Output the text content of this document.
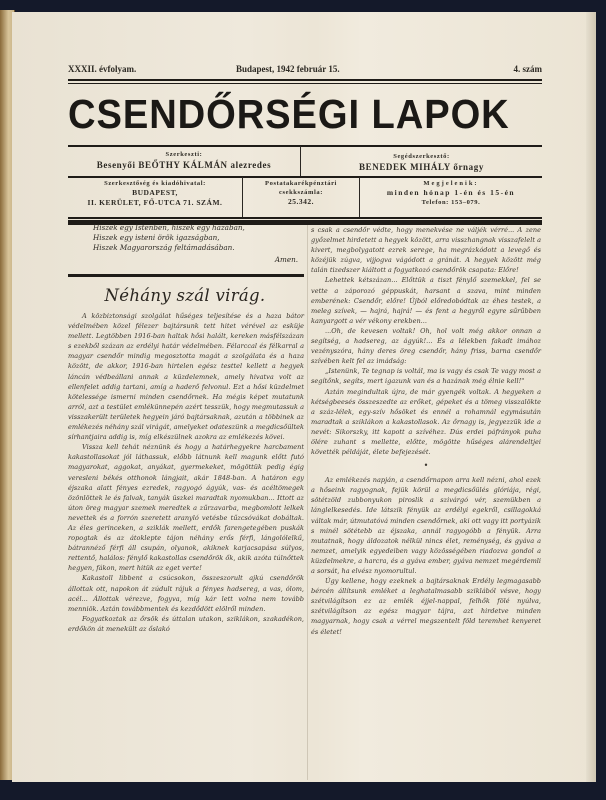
XXXII. évfolyam.	Budapest, 1942 február 15.	4. szám
CSENDŐRSÉGI LAPOK
Szerkeszti:
Besenyői BEŐTHY KÁLMÁN alezredes
Segédszerkesztő:
BENEDEK MIHÁLY őrnagy
Szerkesztőség és kiadóhivatal:
BUDAPEST,
II. KERÜLET, FŐ-UTCA 71. SZÁM.
Postatakarékpénztári
csekkszámla:
25.342.
Megjelenik:
minden hónap 1-én és 15-én
Telefon: 153–079.
Hiszek egy Istenben, hiszek egy hazában,
Hiszek egy isteni örök igazságban,
Hiszek Magyarország feltámadásában.
Amen.
Néhány szál virág.

A közbiztonsági szolgálat hűséges teljesítése és a haza bátor védelmében közel félezer bajtársunk tett hitet vérével az esküje mellett. Legtöbben 1916-ban haltak hősi halált, kereken másfélszázan s ezekből százan az erdélyi határ védelmében. Félarccal és félkarral a magyar csendőr mindig megosztotta magát a szolgálata és a haza között, de akkor, 1916-ban hirtelen egész testtel kellett a hegyek láncán védbeállani annak a küzdelemnek, amely hivatva volt az ellenfelet addig tartani, amíg a haderő felvonul. Ezt a hősi küzdelmet kötelessége ismerni minden csendőrnek. Ha mégis képet mutatunk arról, azt a testület emlékünnepén azért tesszük, hogy megmutassuk a visszakerült területek hegyein járó bajtársaknak, azután a többinek az emlékezés néhány szál virágát, amelyeket odateszünk a megdicsőültek sírhantjaira addig is, míg elkészülnek azokra az emlékezés kövei.

Vissza kell tehát néznünk és hogy a határhegyekre harcbament kakastollasokat jól láthassuk, előbb látnunk kell magunk előtt futó magyarokat, aggokat, anyákat, gyermekeket, mögöttük pedig égig vereslenі békés otthonok lángjait, akár 1848-ban. A határon egy éjszaka alatt fényes ezredek, ragyogó ágyúk, vas- és acéltömegek özönlöttek le és falvak, tanyák üszkei maradtak nyomukban... Ittott az úton öreg magyar szemek meredtek a zűrzavarba, megbomlott lelkek nevettek és a forrón szeretett aranyló vetésbe tűzcsóvákat dobáltak. Az éles gerinceken, a sziklák mellett, erdők farengetegében puskák ropogtak és az átoklepte tájon néhány erős férfi, lángolólelkű, bátrannéző férfi áll csupán, olyanok, akiknek karjacsapása súlyos, rettentő, halálos: fénylő kakastollas csendőrök ők, akik azóta túlnőttek hegyen, fákon, mert hitük az eget verte!

Kakastoll libbent a csúcsokon, összeszorult ajkú csendőrök állottak ott, napokon át zúdult rájuk a fényes hadsereg, a vas, ólom, acél... Állottak vérezve, fogyva, míg kár lett volna nem tovább menniök. Aztán továbbmentek és kezdődött elölről minden.

Fogyatkoztak az őrsök és úttalan utakon, sziklákon, szakadékon, erdőkön át menekült az őslakó

s csak a csendőr védte, hogy menekvése ne váljék vérré... A zene győzelmet hirdetett a hegyek között, arra visszhangnak visszafelelt a kivert, megbolygatott ezrek serege, ha megrázkódott a levegő és közéjük zúgva, vijjogva vágódott a gránát. A hegyek között még talán tizedszer kiáltott a fogyatkozó csendőrök csapata: Előre!

Lehettek kétszázan... Előttük a tiszt fénylő szemekkel, fel se vette a záporozó géppuskát, harsant a szava, mint minden emberének: Csendőr, előre! Újból előredobódtak az éhes testek, a meleg szívek, — hajrá, hajrá! — és fent a hegyről egyre sűrűbben kanyargott a vér vékony erekben...

...Oh, de kevesen voltak! Oh, hol volt még akkor onnan a segítség, a hadsereg, az ágyúk!... És a lélekben fakadt imához vezényszóra, hány deres öreg csendőr, hány friss, barna csendőr szívében kelt fel az imádság:

„Istenünk, Te tegnap is voltál, ma is vagy és csak Te vagy most a segítőnk, segíts, mert igazunk van és a hazának még élnie kell!"

Aztán megindultak újra, de már gyengék voltak. A hegyeken a kétségbeesés összeszedte az erőket, gépeket és a tömeg visszalökte a száz-lélek, egy-szív hősöket és ennél a rohamnál egymásután maradtak a sziklákon a kakastollasok. Az őrnagy is, jegyezzük ide a nevét: Sikorszky, itt kapott a szívéhez. Dús erdei páfrányok puha ölére zuhant s mellette, előtte, mögötte hűséges alárendeltjei követték példáját, élete befejezését.

•

Az emlékezés napján, a csendőrnapon arra kell nézni, ahol ezek a hőseink ragyognak, fejük körül a megdicsőülés glóriája, régi, sötétzöld zubbonyukon piroslik a szivárgó vér, szemükben a lánglelkesedés. Ide látszik fényük az erdélyi egekről, csillagokká váltak már, útmutatóvá minden csendőrnek, aki ott vagy itt portyázik s minél sötétebb az éjszaka, annál ragyogóbb a fényük. Arra mutatnak, hogy áldozatok nélkül nincs élet, reménység, és gyáva a nemzet, amelyik egyedeiben vagy közösségében riadozva gondol a küzdelmekre, a harcra, és a gyáva ember, gyáva nemzet megérdemli a sorsát, ha elvész nyomorultul.

Úgy kellene, hogy ezeknek a bajtársaknak Erdély legmagasabb bércén állítsunk emléket a leghatalmasabb sziklából vésve, hogy szétvilágítson ez az emlék éjjel-nappal, felhők fölé nyúlva, szétvilágítson az egész magyar tájra, azt hirdetve minden magyarnak, hogy csak a vérrel megszentelt föld teremhet kenyeret és életet!
